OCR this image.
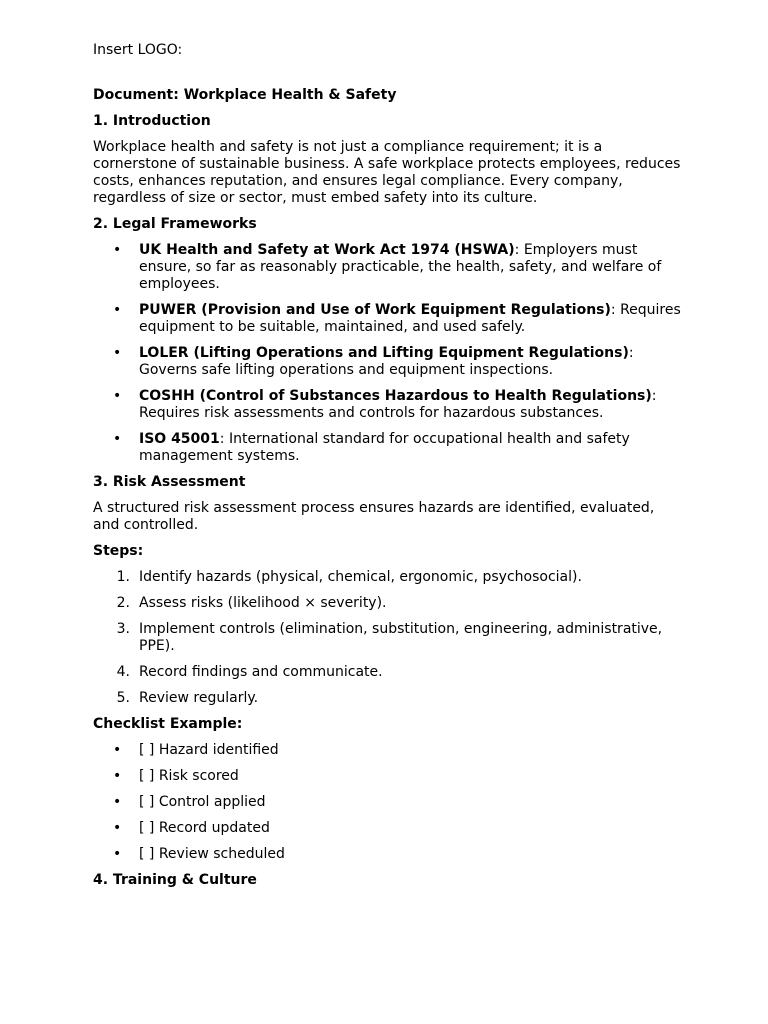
Insert LOGO:

Document: Workplace Health & Safety

1. Introduction

Workplace health and safety is not just a compliance requirement; it is a cornerstone of sustainable business. A safe workplace protects employees, reduces costs, enhances reputation, and ensures legal compliance. Every company, regardless of size or sector, must embed safety into its culture.

2. Legal Frameworks
• UK Health and Safety at Work Act 1974 (HSWA): Employers must ensure, so far as reasonably practicable, the health, safety, and welfare of employees.
• PUWER (Provision and Use of Work Equipment Regulations): Requires equipment to be suitable, maintained, and used safely.
• LOLER (Lifting Operations and Lifting Equipment Regulations): Governs safe lifting operations and equipment inspections.
• COSHH (Control of Substances Hazardous to Health Regulations): Requires risk assessments and controls for hazardous substances.
• ISO 45001: International standard for occupational health and safety management systems.
3. Risk Assessment

A structured risk assessment process ensures hazards are identified, evaluated, and controlled.

Steps:

1. Identify hazards (physical, chemical, ergonomic, psychosocial).
2. Assess risks (likelihood × severity).
3. Implement controls (elimination, substitution, engineering, administrative, PPE).
4. Record findings and communicate.
5. Review regularly.

Checklist Example:

• [ ] Hazard identified
• [ ] Risk scored
• [ ] Control applied
• [ ] Record updated
• [ ] Review scheduled
4. Training & Culture
